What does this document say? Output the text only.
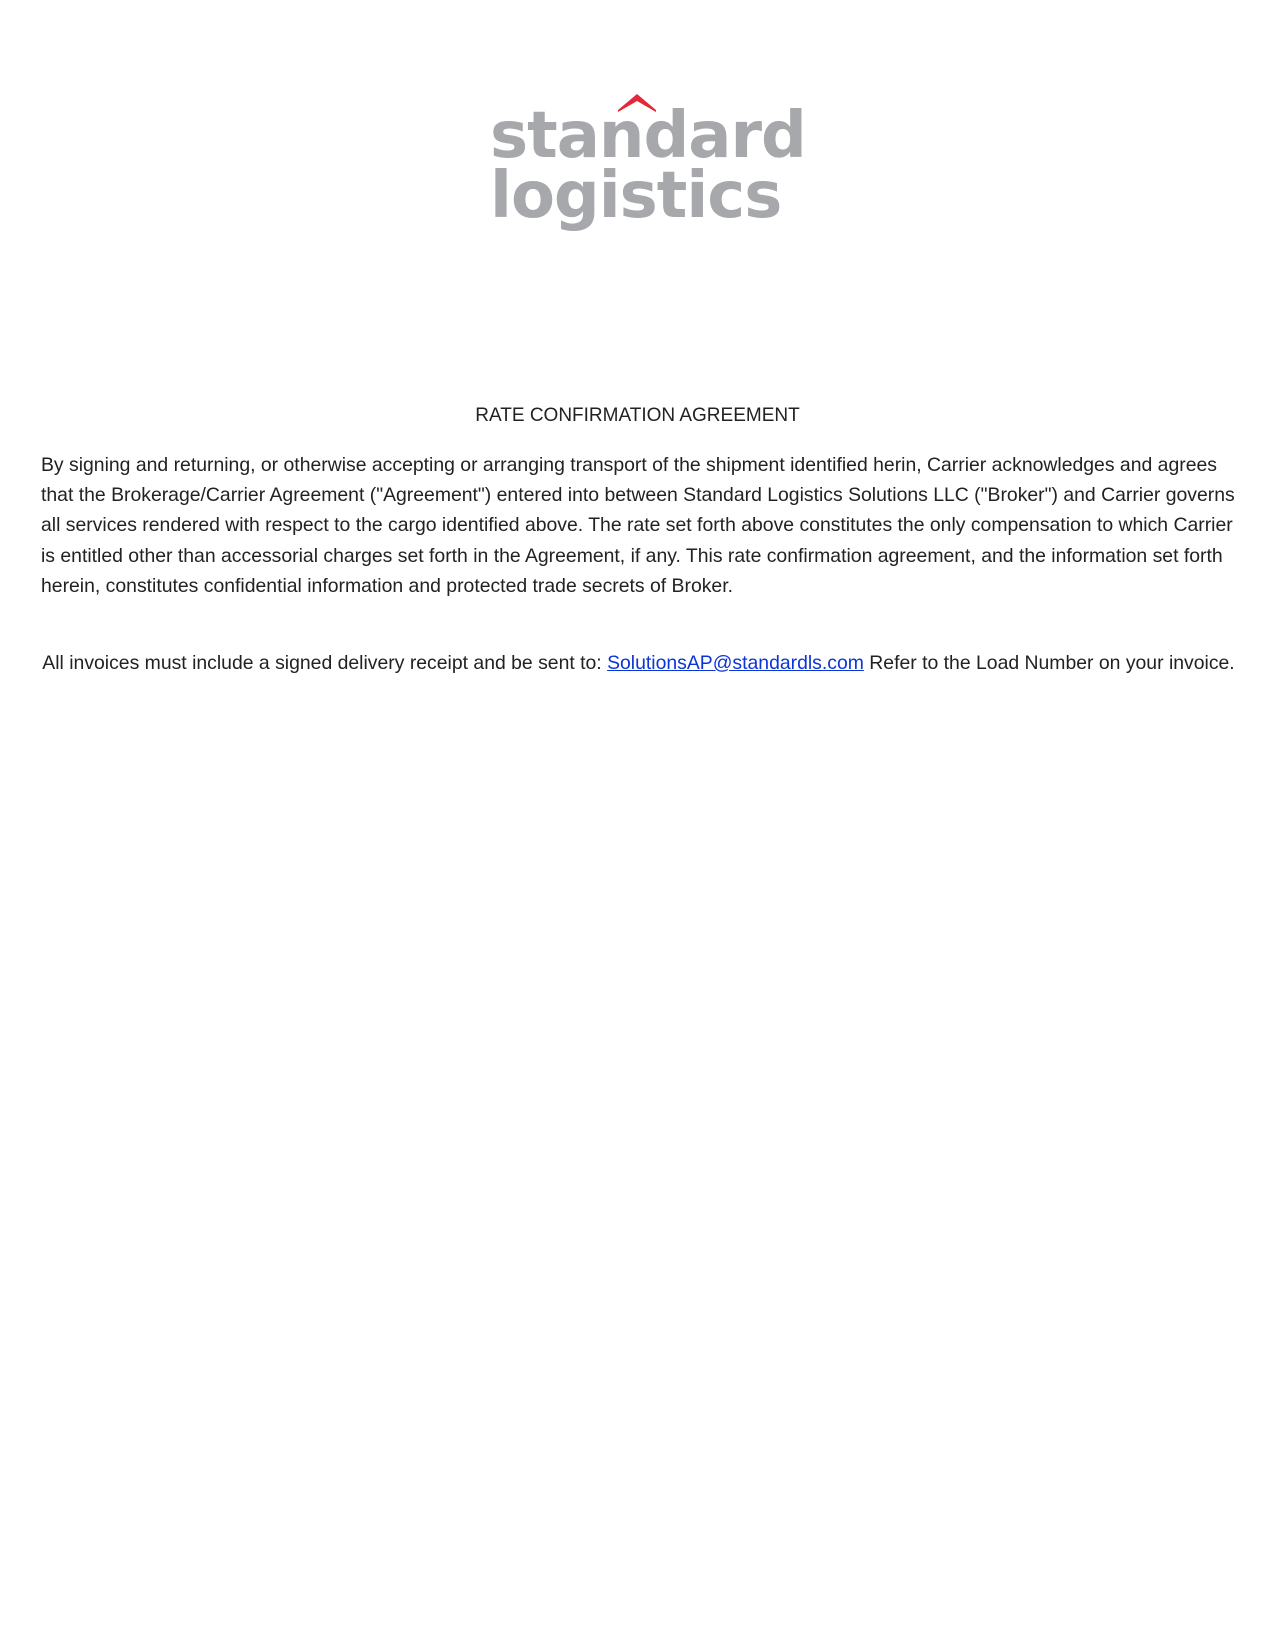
standard
logistics
RATE CONFIRMATION AGREEMENT

By signing and returning, or otherwise accepting or arranging transport of the shipment identified herin, Carrier acknowledges and agrees that the Brokerage/Carrier Agreement ("Agreement") entered into between Standard Logistics Solutions LLC ("Broker") and Carrier governs all services rendered with respect to the cargo identified above. The rate set forth above constitutes the only compensation to which Carrier is entitled other than accessorial charges set forth in the Agreement, if any. This rate confirmation agreement, and the information set forth herein, constitutes confidential information and protected trade secrets of Broker.

All invoices must include a signed delivery receipt and be sent to: SolutionsAP@standardls.com Refer to the Load Number on your invoice.
